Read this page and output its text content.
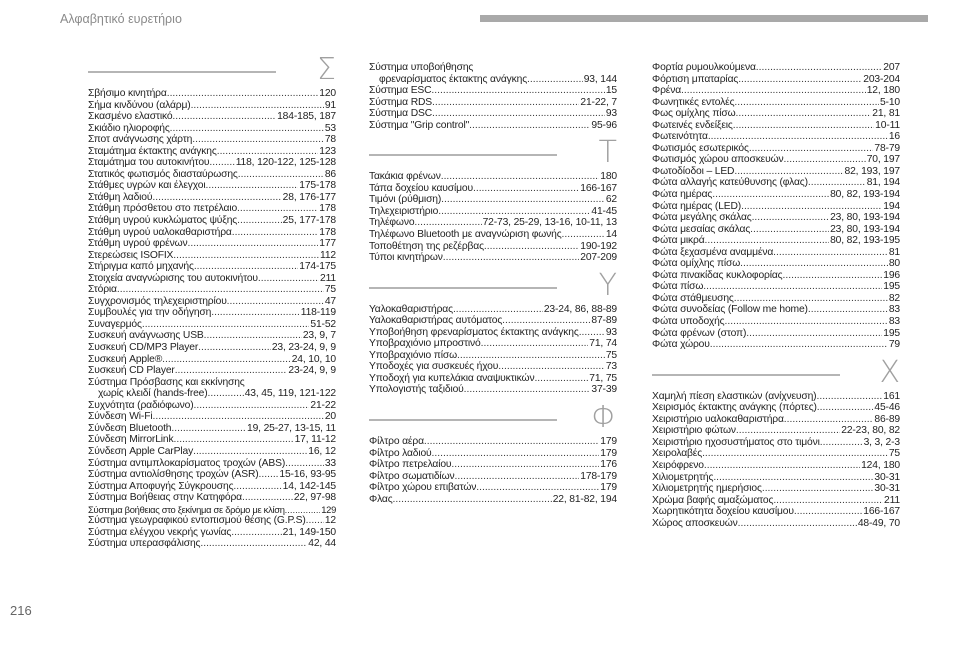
Αλφαβητικό ευρετήριο
Σ
Σβήσιμο κινητήρα .....	120
Σήμα κινδύνου (αλάρμ) .....	91
Σκασμένο ελαστικό .....	184-185, 187
Σκιάδιο ηλιοροφής .....	53
Σποτ ανάγνωσης χάρτη .....	78
Σταμάτημα έκτακτης ανάγκης .....	123
Σταμάτημα του αυτοκινήτου .....	118, 120-122, 125-128
Στατικός φωτισμός διασταύρωσης .....	86
Στάθμες υγρών και έλεγχοι .....	175-178
Στάθμη λαδιού .....	28, 176-177
Στάθμη πρόσθετου στο πετρέλαιο .....	178
Στάθμη υγρού κυκλώματος ψύξης .....	25, 177-178
Στάθμη υγρού υαλοκαθαριστήρα .....	178
Στάθμη υγρού φρένων .....	177
Στερεώσεις ISOFIX .....	112
Στήριγμα καπό μηχανής .....	174-175
Στοιχεία αναγνώρισης του αυτοκινήτου .....	211
Στόρια .....	75
Συγχρονισμός τηλεχειριστηρίου .....	47
Συμβουλές για την οδήγηση .....	118-119
Συναγερμός .....	51-52
Συσκευή ανάγνωσης USB .....	23, 9, 7
Συσκευή CD/MP3 Player .....	23, 23-24, 9, 9
Συσκευή Apple® .....	24, 10, 10
Συσκευή CD Player .....	23-24, 9, 9
Σύστημα Πρόσβασης και εκκίνησης
χωρίς κλειδί (hands-free) .....	43, 45, 119, 121-122
Συχνότητα (ραδιόφωνο) .....	21-22
Σύνδεση Wi-Fi .....	20
Σύνδεση Bluetooth .....	19, 25-27, 13-15, 11
Σύνδεση MirrorLink .....	17, 11-12
Σύνδεση Apple CarPlay .....	16, 12
Σύστημα αντιμπλοκαρίσματος τροχών (ABS) .....	33
Σύστημα αντιολίσθησης τροχών (ASR) ..... 15-16, 93-95
Σύστημα Αποφυγής Σύγκρουσης .....	14, 142-145
Σύστημα Βοήθειας στην Κατηφόρα .....	22, 97-98
Σύστημα βοήθειας στο ξεκίνημα σε δρόμο με κλίση .....	129
Σύστημα γεωγραφικού εντοπισμού θέσης (G.P.S) ..... 12
Σύστημα ελέγχου νεκρής γωνίας .....	21, 149-150
Σύστημα υπερασφάλισης .....	42, 44
Σύστημα υποβοήθησης
φρεναρίσματος έκτακτης ανάγκης .....	93, 144
Σύστημα ESC .....	15
Σύστημα RDS .....	21-22, 7
Σύστημα DSC .....	93
Σύστημα "Grip control" .....	95-96
Τ
Τακάκια φρένων .....	180
Τάπα δοχείου καυσίμου .....	166-167
Τιμόνι (ρύθμιση) .....	62
Τηλεχειριστήριο .....	41-45
Τηλέφωνο .....	72-73, 25-29, 13-16, 10-11, 13
Τηλέφωνο Bluetooth με αναγνώριση φωνής .....	14
Τοποθέτηση της ρεζέρβας .....	190-192
Τύποι κινητήρων .....	207-209
Υ
Υαλοκαθαριστήρας .....	23-24, 86, 88-89
Υαλοκαθαριστήρας αυτόματος .....	87-89
Υποβοήθηση φρεναρίσματος έκτακτης ανάγκης .....	93
Υποβραχιόνιο μπροστινό .....	71, 74
Υποβραχιόνιο πίσω .....	75
Υποδοχές για συσκευές ήχου .....	73
Υποδοχή για κυπελάκια αναψυκτικών .....	71, 75
Υπολογιστής ταξιδιού .....	37-39
Φ
Φίλτρο αέρα .....	179
Φίλτρο λαδιού .....	179
Φίλτρο πετρελαίου .....	176
Φίλτρο σωματιδίων .....	178-179
Φίλτρο χώρου επιβατών .....	179
Φλας .....	22, 81-82, 194
Φορτία ρυμουλκούμενα .....	207
Φόρτιση μπαταρίας .....	203-204
Φρένα .....	12, 180
Φωνητικές εντολές .....	5-10
Φως ομίχλης πίσω .....	21, 81
Φωτεινές ενδείξεις .....	10-11
Φωτεινότητα .....	16
Φωτισμός εσωτερικός .....	78-79
Φωτισμός χώρου αποσκευών .....	70, 197
Φωτοδίοδοι – LED .....	82, 193, 197
Φώτα αλλαγής κατεύθυνσης (φλας) .....	81, 194
Φώτα ημέρας .....	80, 82, 193-194
Φώτα ημέρας (LED) .....	194
Φώτα μεγάλης σκάλας .....	23, 80, 193-194
Φώτα μεσαίας σκάλας .....	23, 80, 193-194
Φώτα μικρά .....	80, 82, 193-195
Φώτα ξεχασμένα αναμμένα .....	81
Φώτα ομίχλης πίσω .....	80
Φώτα πινακίδας κυκλοφορίας .....	196
Φώτα πίσω .....	195
Φώτα στάθμευσης .....	82
Φώτα συνοδείας (Follow me home) .....	83
Φώτα υποδοχής .....	83
Φώτα φρένων (στοπ) .....	195
Φώτα χώρου .....	79
Χ
Χαμηλή πίεση ελαστικών (ανίχνευση) .....	161
Χειρισμός έκτακτης ανάγκης (πόρτες) .....	45-46
Χειριστήριο υαλοκαθαριστήρα .....	86-89
Χειριστήριο φώτων .....	22-23, 80, 82
Χειριστήριο ηχοσυστήματος στο τιμόνι .....	3, 3, 2-3
Χειρολαβές .....	75
Χειρόφρενο .....	124, 180
Χιλιομετρητής .....	30-31
Χιλιομετρητής ημερήσιος .....	30-31
Χρώμα βαφής αμαξώματος .....	211
Χωρητικότητα δοχείου καυσίμου .....	166-167
Χώρος αποσκευών .....	48-49, 70
216
